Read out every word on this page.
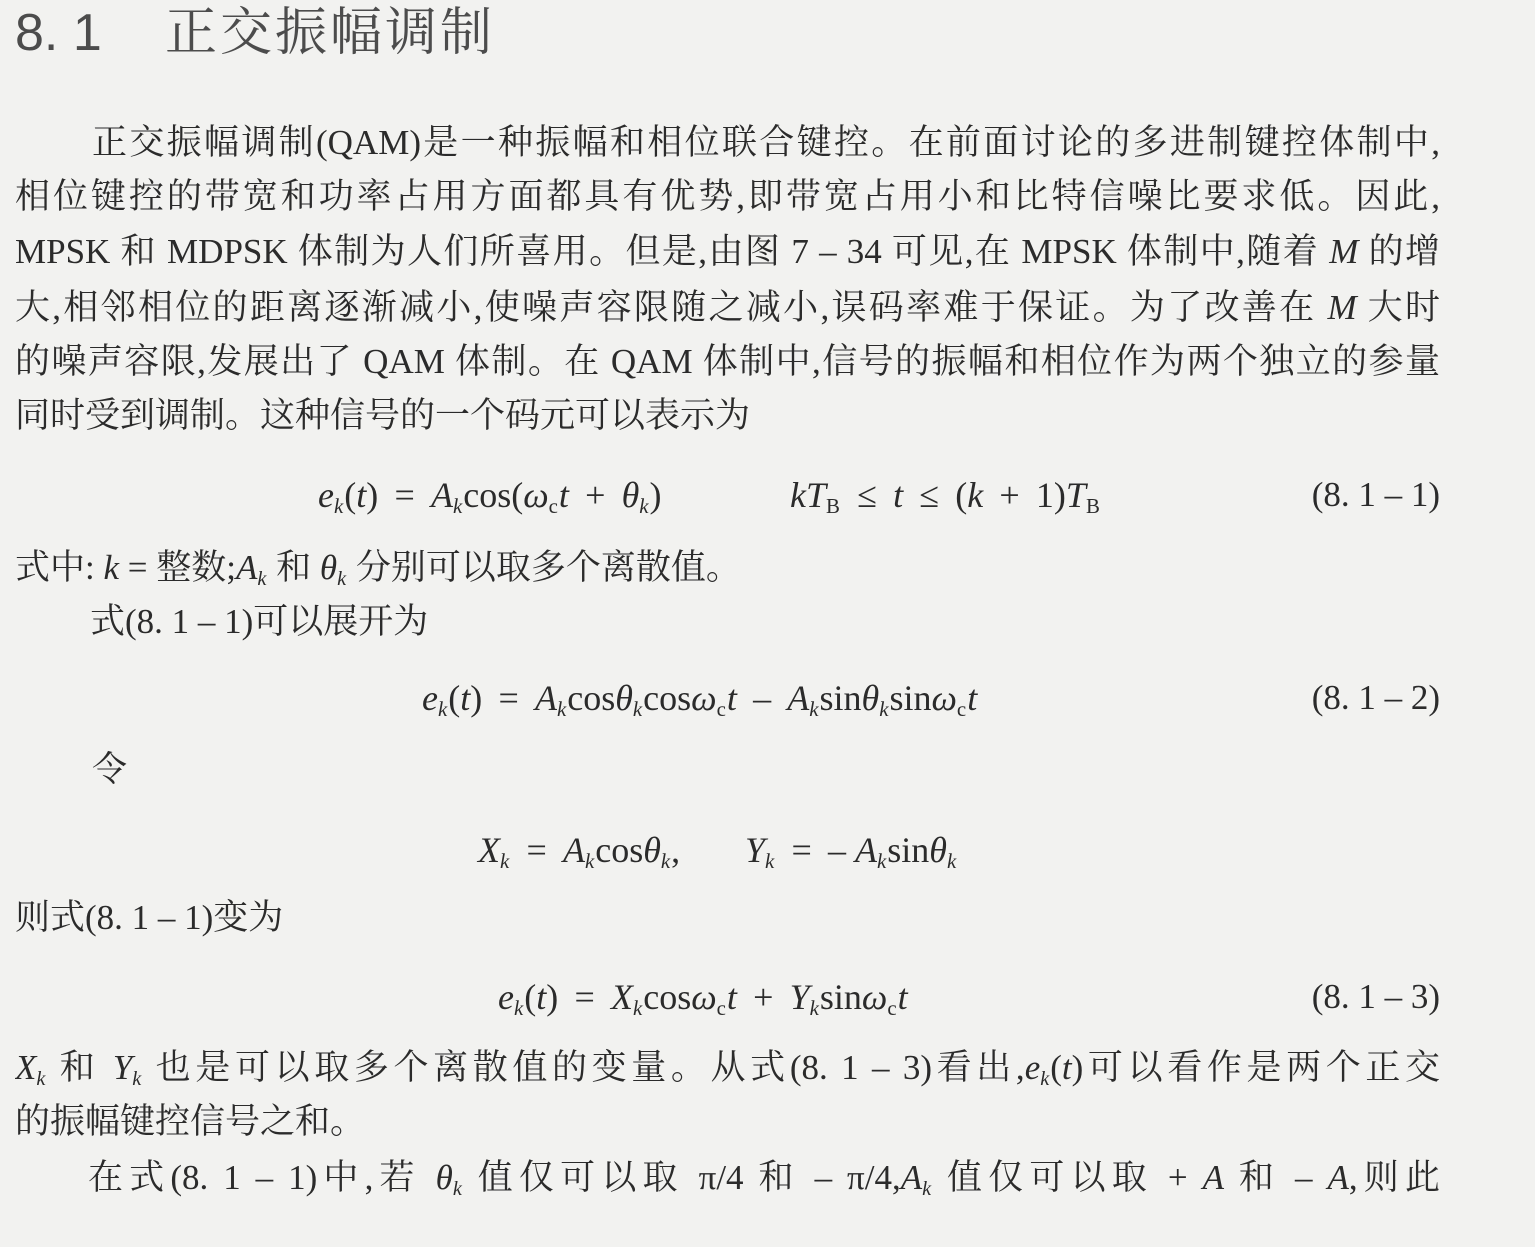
8. 1 正交振幅调制
正交振幅调制(QAM)是一种振幅和相位联合键控。在前面讨论的多进制键控体制中,
相位键控的带宽和功率占用方面都具有优势,即带宽占用小和比特信噪比要求低。因此,
MPSK 和 MDPSK 体制为人们所喜用。但是,由图 7 – 34 可见,在 MPSK 体制中,随着 M 的增
大,相邻相位的距离逐渐减小,使噪声容限随之减小,误码率难于保证。为了改善在 M 大时
的噪声容限,发展出了 QAM 体制。在 QAM 体制中,信号的振幅和相位作为两个独立的参量
同时受到调制。这种信号的一个码元可以表示为
ek(t) = Akcos(ωct + θk)	kTB ≤ t ≤ (k + 1)TB	(8. 1 – 1)
式中: k = 整数;Ak 和 θk 分别可以取多个离散值。
式(8. 1 – 1)可以展开为
ek(t) = Akcosθkcosωct – Aksinθksinωct	(8. 1 – 2)
令
Xk = Akcosθk, Yk = – Aksinθk
则式(8. 1 – 1)变为
ek(t) = Xkcosωct + Yksinωct	(8. 1 – 3)
Xk 和 Yk 也是可以取多个离散值的变量。从式(8. 1 – 3)看出,ek(t)可以看作是两个正交
的振幅键控信号之和。
在式(8. 1 – 1)中,若 θk 值仅可以取 π/4 和 – π/4,Ak 值仅可以取 + A 和 – A,则此
